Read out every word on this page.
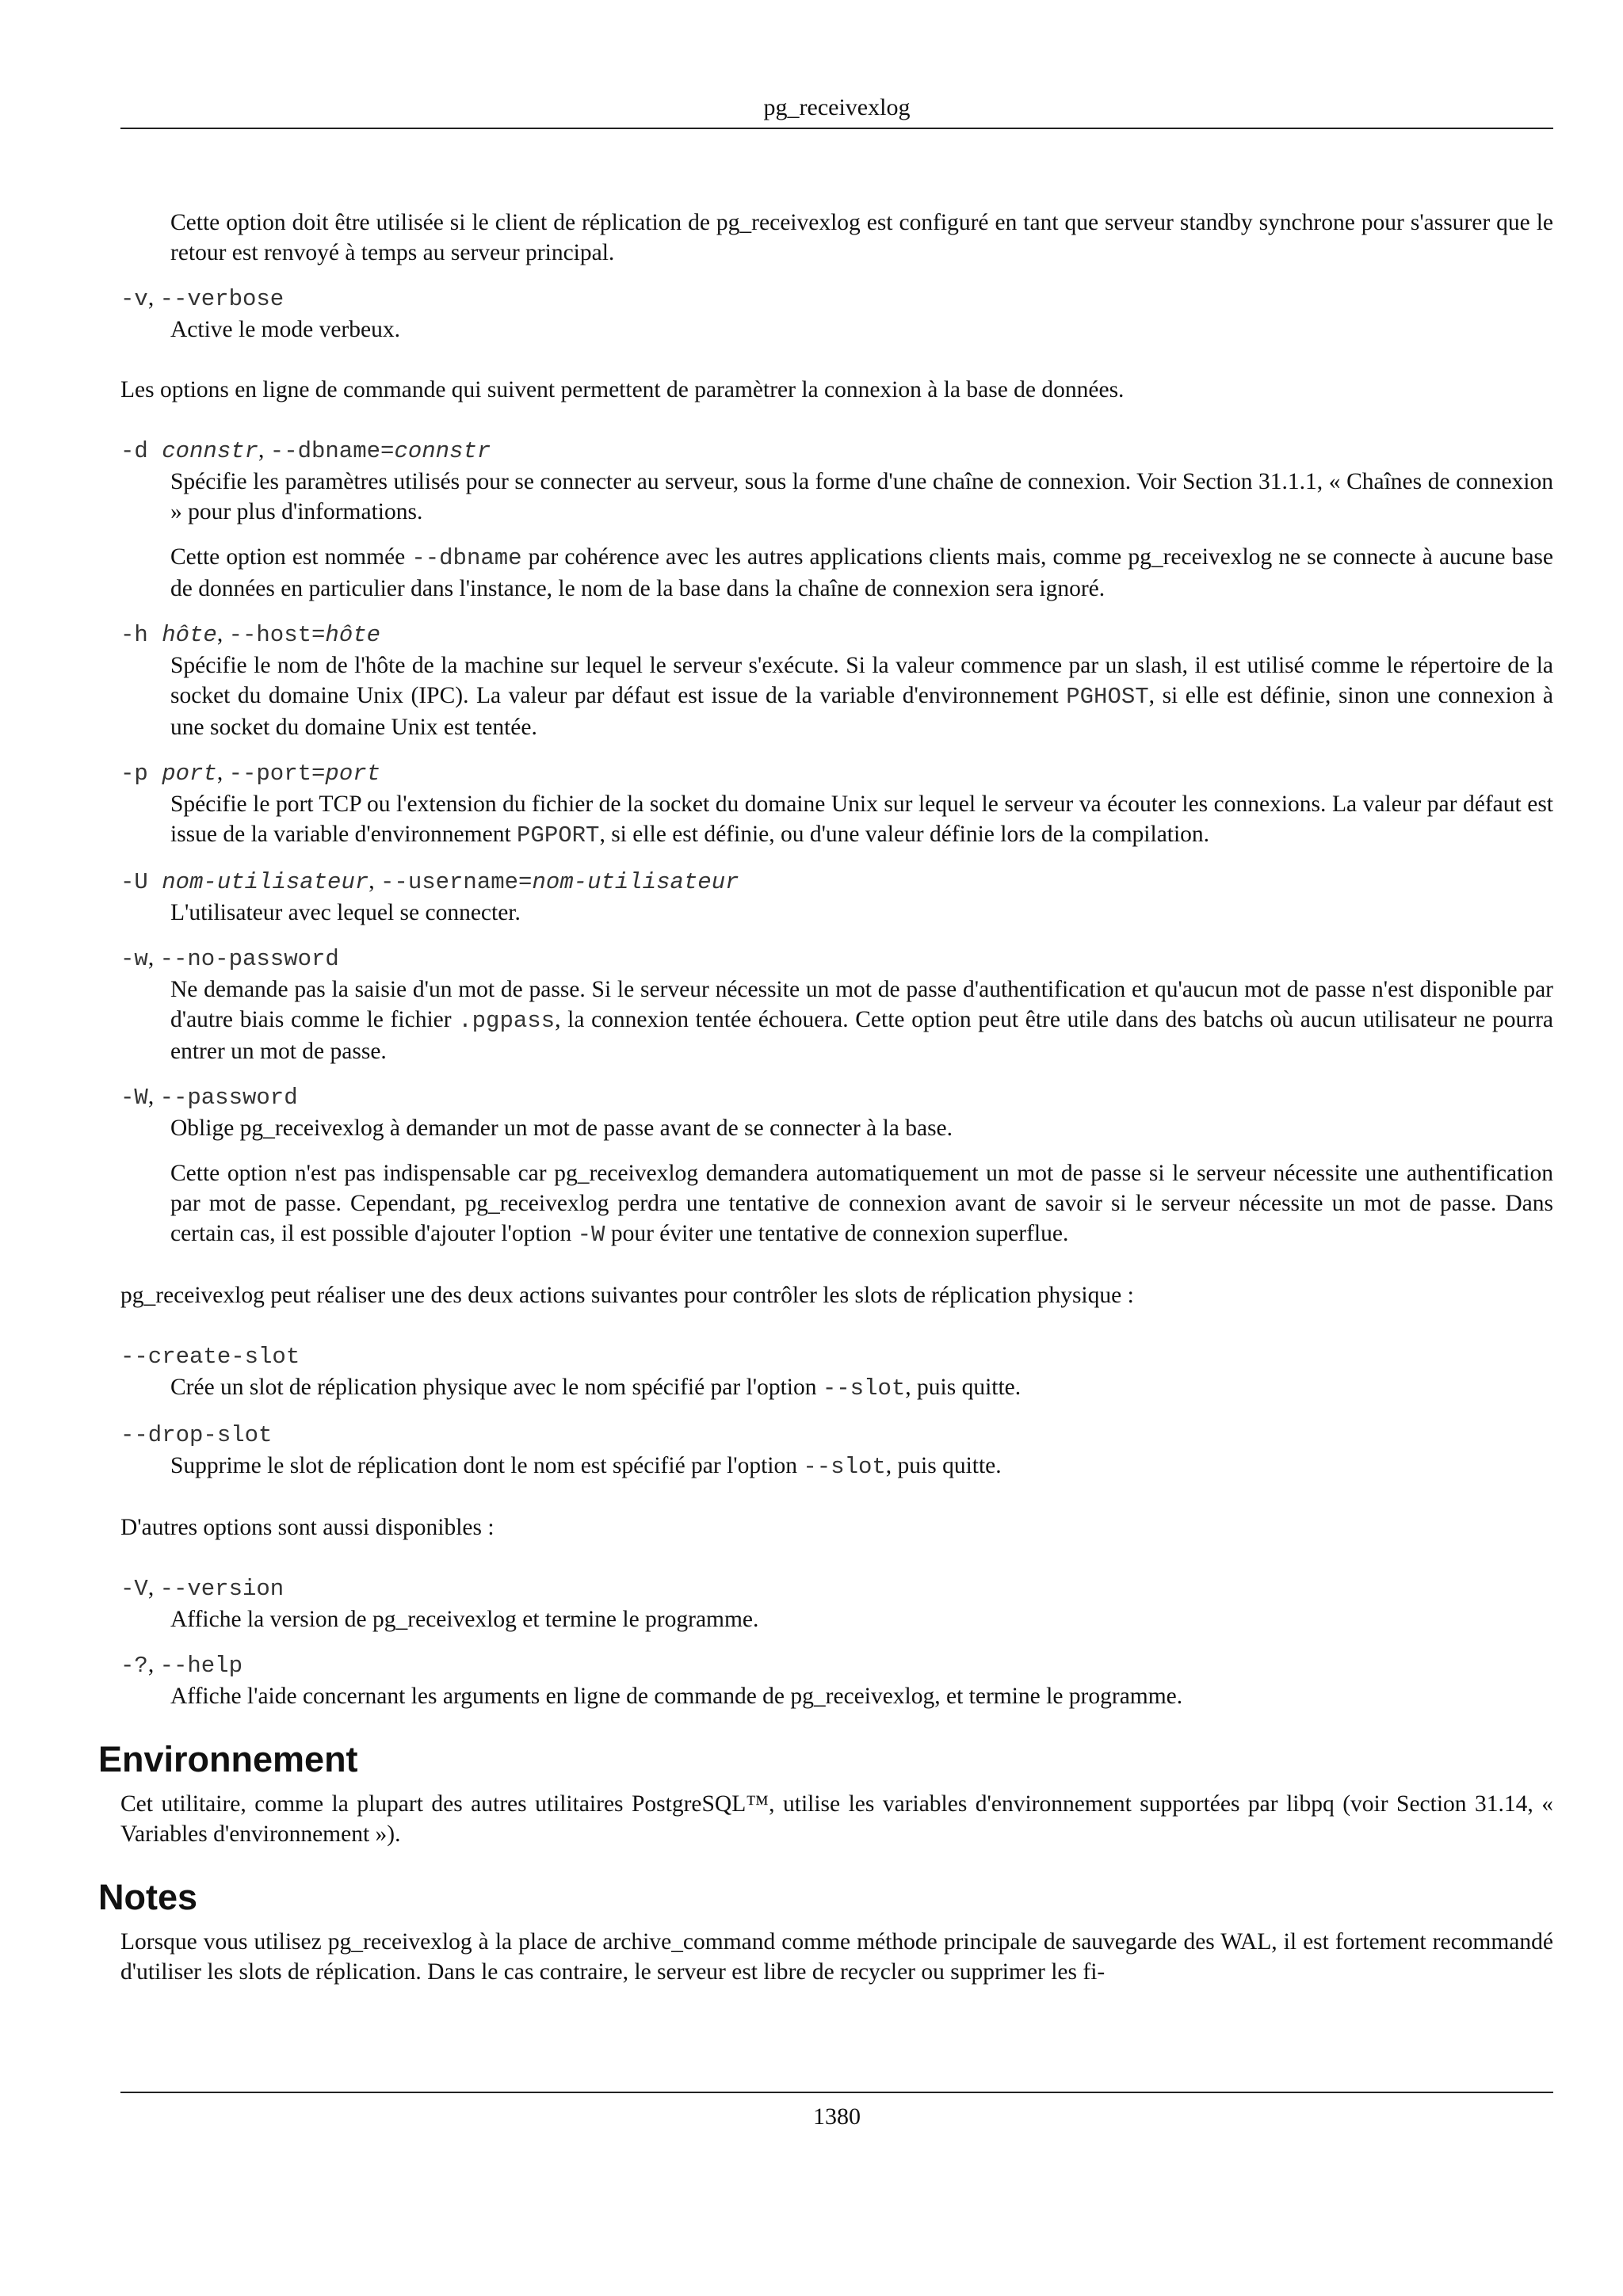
pg_receivexlog

Cette option doit être utilisée si le client de réplication de pg_receivexlog est configuré en tant que serveur standby synchrone pour s'assurer que le retour est renvoyé à temps au serveur principal.

-v, --verbose

Active le mode verbeux.

Les options en ligne de commande qui suivent permettent de paramètrer la connexion à la base de données.

-d connstr, --dbname=connstr

Spécifie les paramètres utilisés pour se connecter au serveur, sous la forme d'une chaîne de connexion. Voir Section 31.1.1, « Chaînes de connexion » pour plus d'informations.

Cette option est nommée --dbname par cohérence avec les autres applications clients mais, comme pg_receivexlog ne se connecte à aucune base de données en particulier dans l'instance, le nom de la base dans la chaîne de connexion sera ignoré.

-h hôte, --host=hôte

Spécifie le nom de l'hôte de la machine sur lequel le serveur s'exécute. Si la valeur commence par un slash, il est utilisé comme le répertoire de la socket du domaine Unix (IPC). La valeur par défaut est issue de la variable d'environnement PGHOST, si elle est définie, sinon une connexion à une socket du domaine Unix est tentée.

-p port, --port=port

Spécifie le port TCP ou l'extension du fichier de la socket du domaine Unix sur lequel le serveur va écouter les connexions. La valeur par défaut est issue de la variable d'environnement PGPORT, si elle est définie, ou d'une valeur définie lors de la compilation.

-U nom-utilisateur, --username=nom-utilisateur

L'utilisateur avec lequel se connecter.

-w, --no-password

Ne demande pas la saisie d'un mot de passe. Si le serveur nécessite un mot de passe d'authentification et qu'aucun mot de passe n'est disponible par d'autre biais comme le fichier .pgpass, la connexion tentée échouera. Cette option peut être utile dans des batchs où aucun utilisateur ne pourra entrer un mot de passe.

-W, --password

Oblige pg_receivexlog à demander un mot de passe avant de se connecter à la base.

Cette option n'est pas indispensable car pg_receivexlog demandera automatiquement un mot de passe si le serveur nécessite une authentification par mot de passe. Cependant, pg_receivexlog perdra une tentative de connexion avant de savoir si le serveur nécessite un mot de passe. Dans certain cas, il est possible d'ajouter l'option -W pour éviter une tentative de connexion superflue.

pg_receivexlog peut réaliser une des deux actions suivantes pour contrôler les slots de réplication physique :

--create-slot

Crée un slot de réplication physique avec le nom spécifié par l'option --slot, puis quitte.

--drop-slot

Supprime le slot de réplication dont le nom est spécifié par l'option --slot, puis quitte.

D'autres options sont aussi disponibles :

-V, --version

Affiche la version de pg_receivexlog et termine le programme.

-?, --help

Affiche l'aide concernant les arguments en ligne de commande de pg_receivexlog, et termine le programme.

Environnement

Cet utilitaire, comme la plupart des autres utilitaires PostgreSQL™, utilise les variables d'environnement supportées par libpq (voir Section 31.14, « Variables d'environnement »).

Notes

Lorsque vous utilisez pg_receivexlog à la place de archive_command comme méthode principale de sauvegarde des WAL, il est fortement recommandé d'utiliser les slots de réplication. Dans le cas contraire, le serveur est libre de recycler ou supprimer les fi-

1380
